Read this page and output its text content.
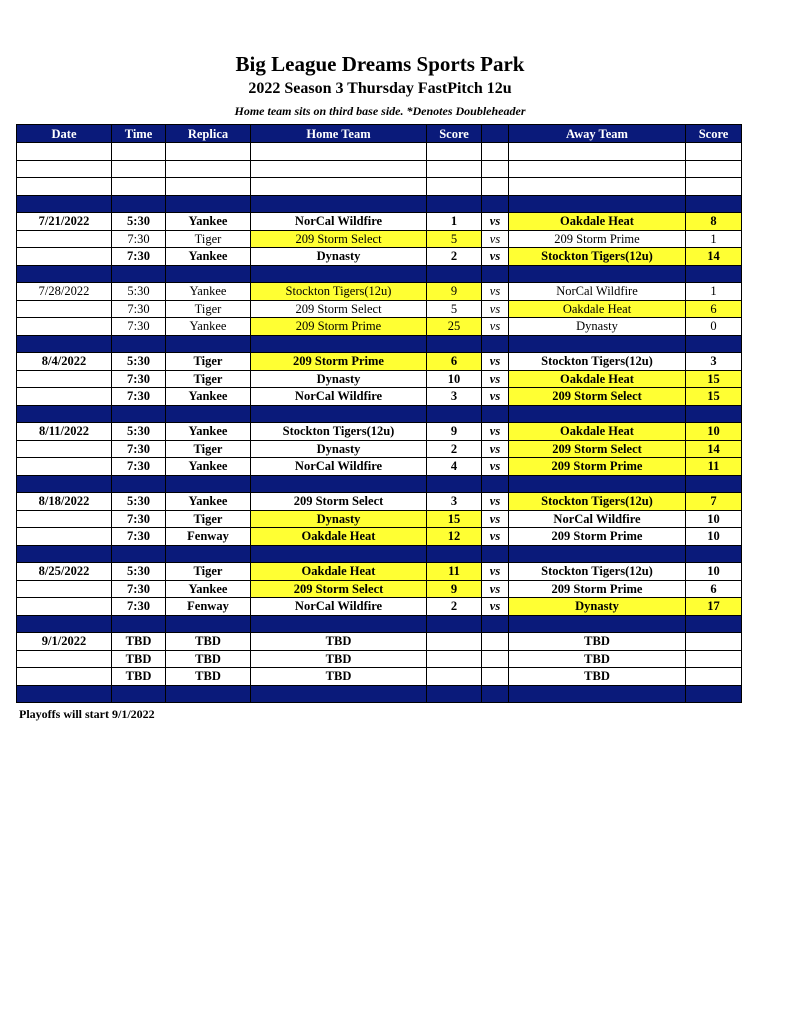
Big League Dreams Sports Park
2022 Season 3 Thursday FastPitch 12u
Home team sits on third base side. *Denotes Doubleheader
Date	Time	Replica	Home Team	Score		Away Team	Score

7/21/2022	5:30	Yankee	NorCal Wildfire	1	vs	Oakdale Heat	8
	7:30	Tiger	209 Storm Select	5	vs	209 Storm Prime	1
	7:30	Yankee	Dynasty	2	vs	Stockton Tigers(12u)	14

7/28/2022	5:30	Yankee	Stockton Tigers(12u)	9	vs	NorCal Wildfire	1
	7:30	Tiger	209 Storm Select	5	vs	Oakdale Heat	6
	7:30	Yankee	209 Storm Prime	25	vs	Dynasty	0

8/4/2022	5:30	Tiger	209 Storm Prime	6	vs	Stockton Tigers(12u)	3
	7:30	Tiger	Dynasty	10	vs	Oakdale Heat	15
	7:30	Yankee	NorCal Wildfire	3	vs	209 Storm Select	15

8/11/2022	5:30	Yankee	Stockton Tigers(12u)	9	vs	Oakdale Heat	10
	7:30	Tiger	Dynasty	2	vs	209 Storm Select	14
	7:30	Yankee	NorCal Wildfire	4	vs	209 Storm Prime	11

8/18/2022	5:30	Yankee	209 Storm Select	3	vs	Stockton Tigers(12u)	7
	7:30	Tiger	Dynasty	15	vs	NorCal Wildfire	10
	7:30	Fenway	Oakdale Heat	12	vs	209 Storm Prime	10

8/25/2022	5:30	Tiger	Oakdale Heat	11	vs	Stockton Tigers(12u)	10
	7:30	Yankee	209 Storm Select	9	vs	209 Storm Prime	6
	7:30	Fenway	NorCal Wildfire	2	vs	Dynasty	17

9/1/2022	TBD	TBD	TBD			TBD	
	TBD	TBD	TBD			TBD	
	TBD	TBD	TBD			TBD	

Playoffs will start 9/1/2022
